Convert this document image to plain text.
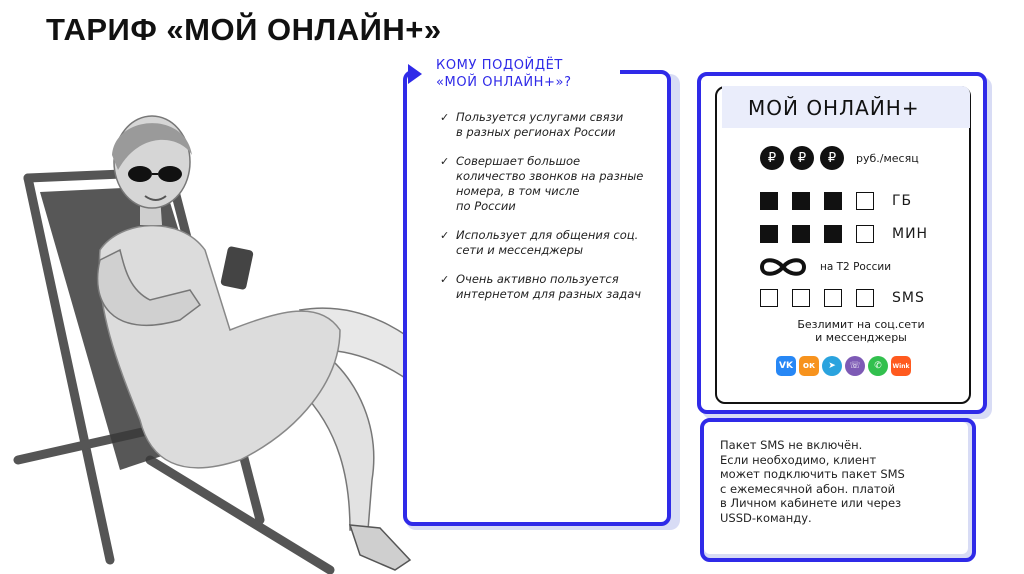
ТАРИФ «МОЙ ОНЛАЙН+»
КОМУ ПОДОЙДЁТ
«МОЙ ОНЛАЙН+»?
✓ Пользуется услугами связи
в разных регионах России
✓ Совершает большое
количество звонков на разные
номера, в том числе
по России
✓ Использует для общения соц.
сети и мессенджеры
✓ Очень активно пользуется
интернетом для разных задач
МОЙ ОНЛАЙН+
₽	₽	₽	руб./месяц
ГБ
МИН
на Т2 России
SMS
Безлимит на соц.сети
и мессенджеры
VK	ок	➤	☏	✆	Wink
Пакет SMS не включён.
Если необходимо, клиент
может подключить пакет SMS
с ежемесячной абон. платой
в Личном кабинете или через
USSD-команду.
